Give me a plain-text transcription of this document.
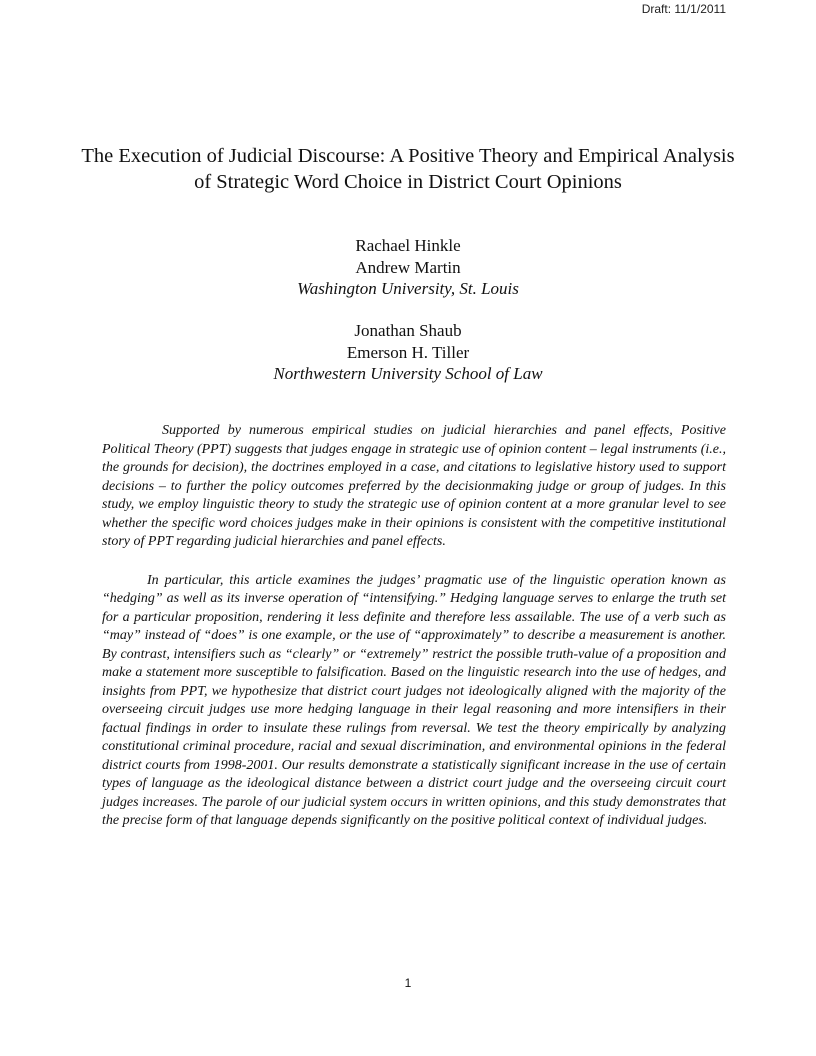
Draft: 11/1/2011
The Execution of Judicial Discourse: A Positive Theory and Empirical Analysis of Strategic Word Choice in District Court Opinions
Rachael Hinkle
Andrew Martin
Washington University, St. Louis
Jonathan Shaub
Emerson H. Tiller
Northwestern University School of Law

Supported by numerous empirical studies on judicial hierarchies and panel effects, Positive Political Theory (PPT) suggests that judges engage in strategic use of opinion content – legal instruments (i.e., the grounds for decision), the doctrines employed in a case, and citations to legislative history used to support decisions – to further the policy outcomes preferred by the decisionmaking judge or group of judges. In this study, we employ linguistic theory to study the strategic use of opinion content at a more granular level to see whether the specific word choices judges make in their opinions is consistent with the competitive institutional story of PPT regarding judicial hierarchies and panel effects.

In particular, this article examines the judges’ pragmatic use of the linguistic operation known as “hedging” as well as its inverse operation of “intensifying.” Hedging language serves to enlarge the truth set for a particular proposition, rendering it less definite and therefore less assailable. The use of a verb such as “may” instead of “does” is one example, or the use of “approximately” to describe a measurement is another. By contrast, intensifiers such as “clearly” or “extremely” restrict the possible truth-value of a proposition and make a statement more susceptible to falsification. Based on the linguistic research into the use of hedges, and insights from PPT, we hypothesize that district court judges not ideologically aligned with the majority of the overseeing circuit judges use more hedging language in their legal reasoning and more intensifiers in their factual findings in order to insulate these rulings from reversal. We test the theory empirically by analyzing constitutional criminal procedure, racial and sexual discrimination, and environmental opinions in the federal district courts from 1998-2001. Our results demonstrate a statistically significant increase in the use of certain types of language as the ideological distance between a district court judge and the overseeing circuit court judges increases. The parole of our judicial system occurs in written opinions, and this study demonstrates that the precise form of that language depends significantly on the positive political context of individual judges.

1
